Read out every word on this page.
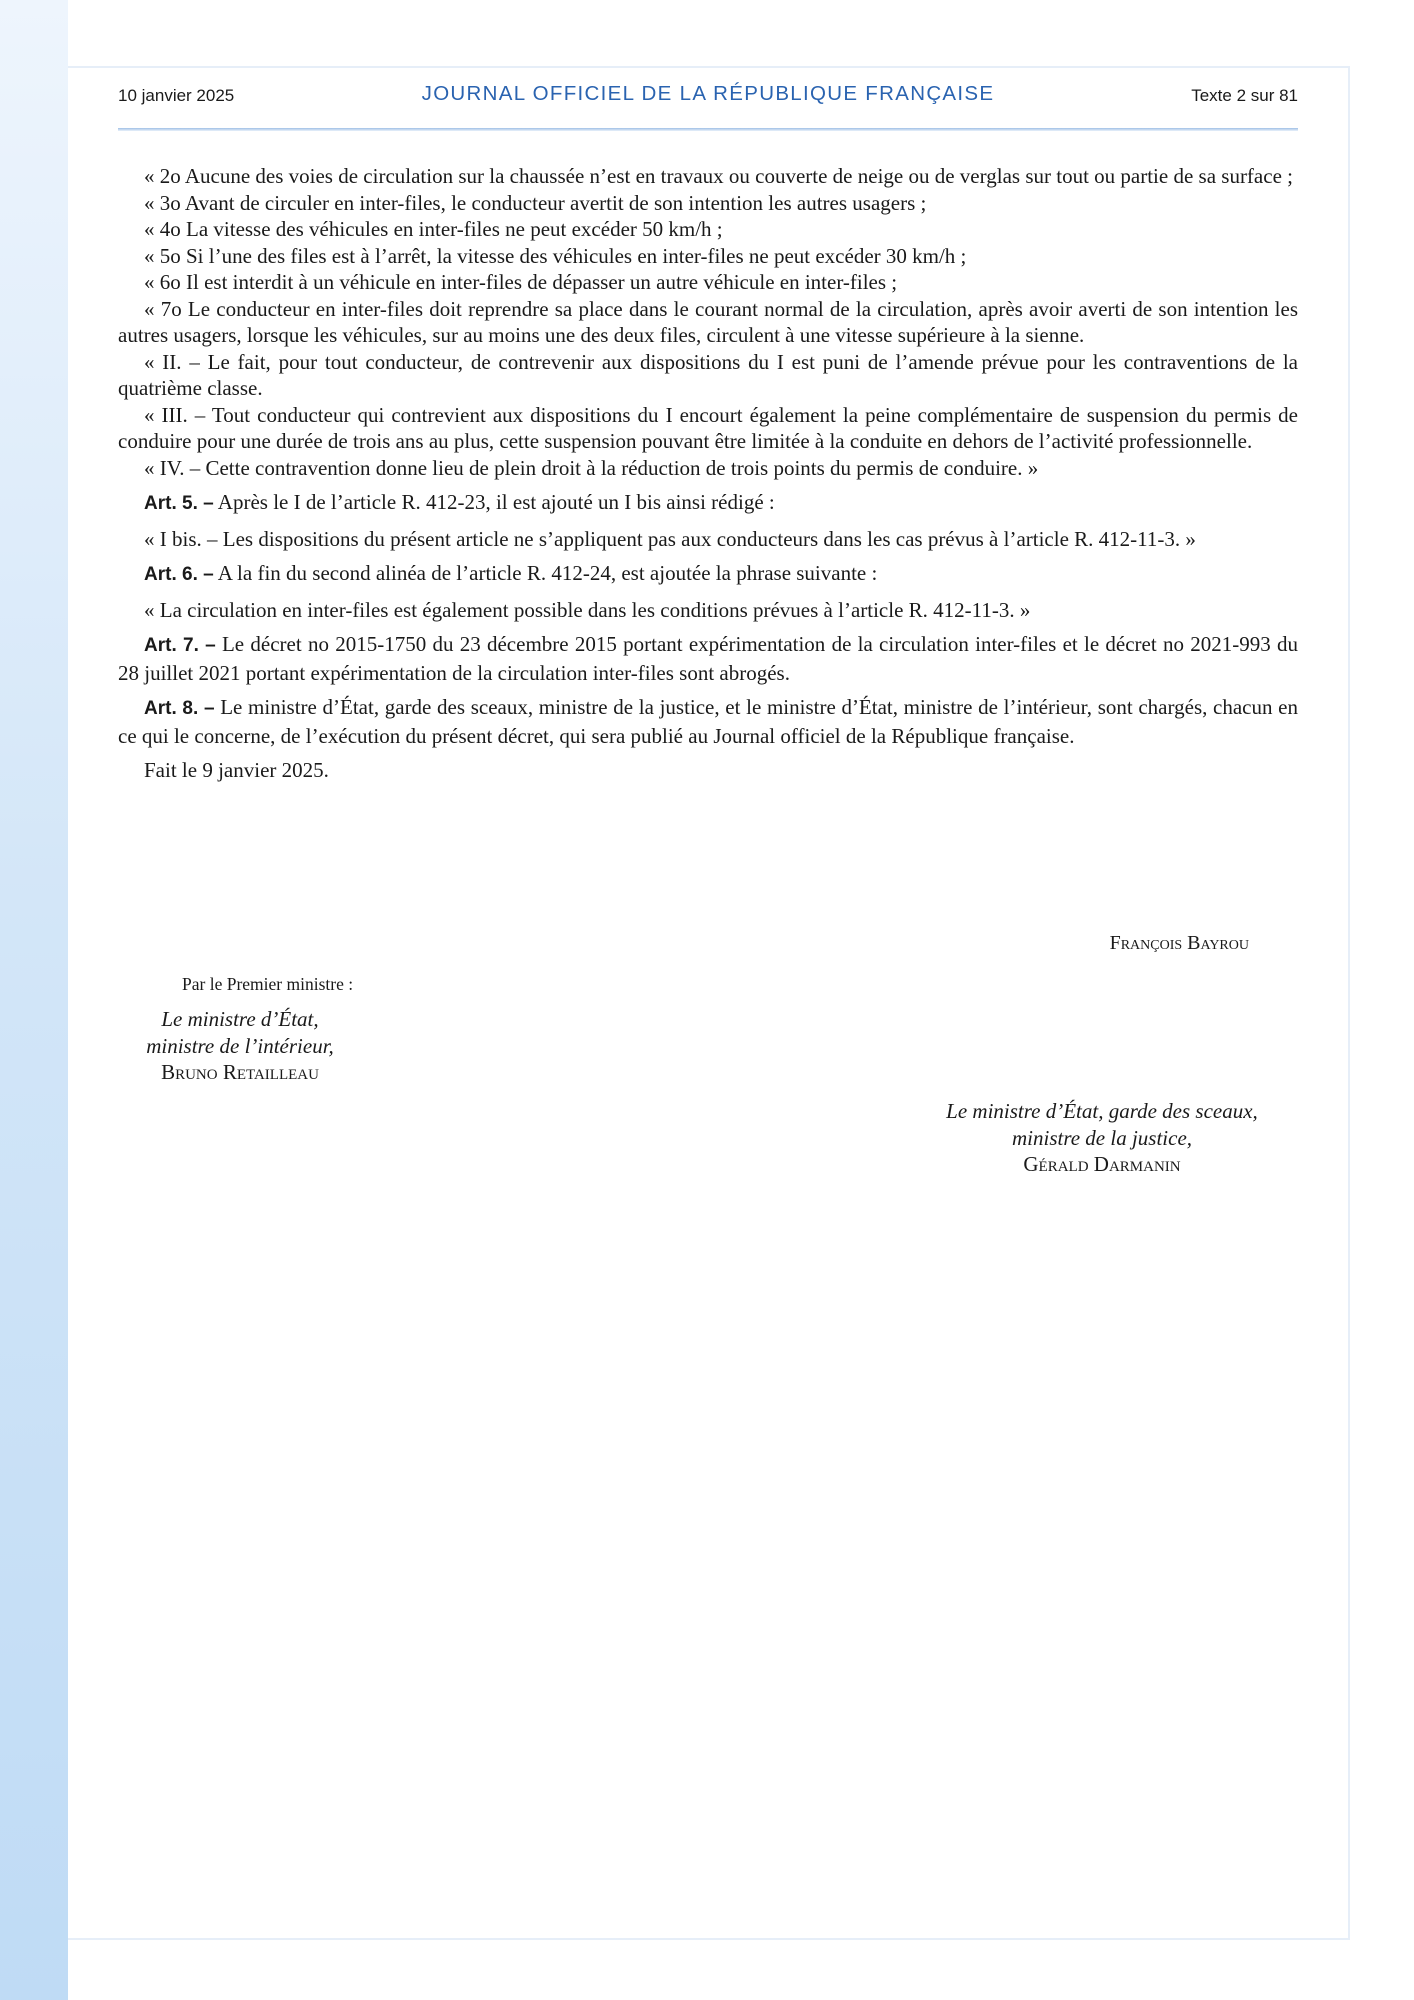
10 janvier 2025	JOURNAL OFFICIEL DE LA RÉPUBLIQUE FRANÇAISE	Texte 2 sur 81

« 2o Aucune des voies de circulation sur la chaussée n’est en travaux ou couverte de neige ou de verglas sur tout ou partie de sa surface ;

« 3o Avant de circuler en inter-files, le conducteur avertit de son intention les autres usagers ;

« 4o La vitesse des véhicules en inter-files ne peut excéder 50 km/h ;

« 5o Si l’une des files est à l’arrêt, la vitesse des véhicules en inter-files ne peut excéder 30 km/h ;

« 6o Il est interdit à un véhicule en inter-files de dépasser un autre véhicule en inter-files ;

« 7o Le conducteur en inter-files doit reprendre sa place dans le courant normal de la circulation, après avoir averti de son intention les autres usagers, lorsque les véhicules, sur au moins une des deux files, circulent à une vitesse supérieure à la sienne.

« II. – Le fait, pour tout conducteur, de contrevenir aux dispositions du I est puni de l’amende prévue pour les contraventions de la quatrième classe.

« III. – Tout conducteur qui contrevient aux dispositions du I encourt également la peine complémentaire de suspension du permis de conduire pour une durée de trois ans au plus, cette suspension pouvant être limitée à la conduite en dehors de l’activité professionnelle.

« IV. – Cette contravention donne lieu de plein droit à la réduction de trois points du permis de conduire. »

Art. 5. – Après le I de l’article R. 412-23, il est ajouté un I bis ainsi rédigé :

« I bis. – Les dispositions du présent article ne s’appliquent pas aux conducteurs dans les cas prévus à l’article R. 412-11-3. »

Art. 6. – A la fin du second alinéa de l’article R. 412-24, est ajoutée la phrase suivante :

« La circulation en inter-files est également possible dans les conditions prévues à l’article R. 412-11-3. »

Art. 7. – Le décret no 2015-1750 du 23 décembre 2015 portant expérimentation de la circulation inter-files et le décret no 2021-993 du 28 juillet 2021 portant expérimentation de la circulation inter-files sont abrogés.

Art. 8. – Le ministre d’État, garde des sceaux, ministre de la justice, et le ministre d’État, ministre de l’intérieur, sont chargés, chacun en ce qui le concerne, de l’exécution du présent décret, qui sera publié au Journal officiel de la République française.

Fait le 9 janvier 2025.

François Bayrou
Par le Premier ministre :
Le ministre d’État,
ministre de l’intérieur,
Bruno Retailleau
Le ministre d’État, garde des sceaux,
ministre de la justice,
Gérald Darmanin
